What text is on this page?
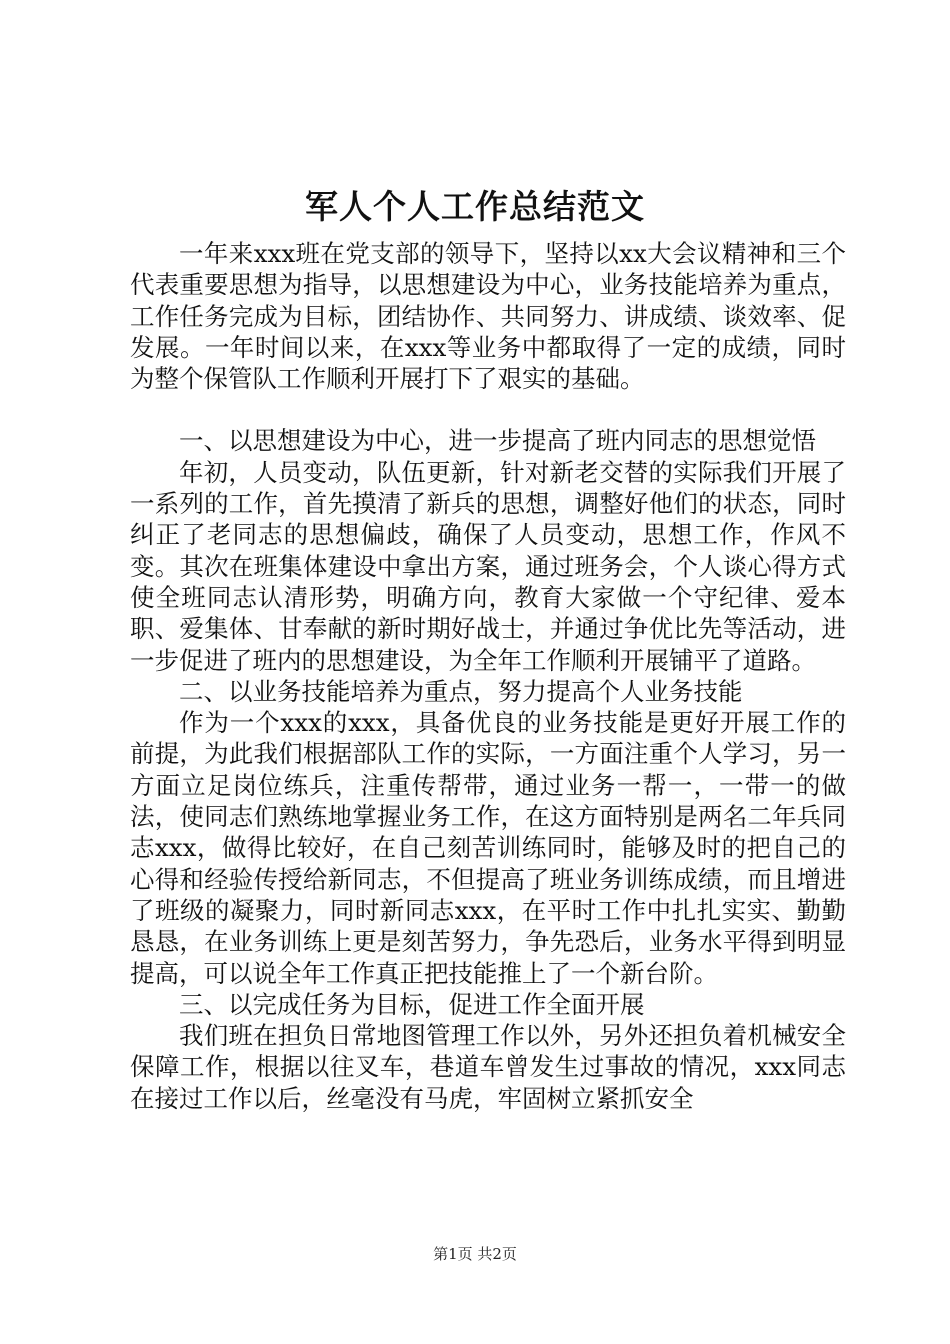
军人个人工作总结范文

一年来xxx班在党支部的领导下，坚持以xx大会议精神和三个代表重要思想为指导，以思想建设为中心，业务技能培养为重点，工作任务完成为目标，团结协作、共同努力、讲成绩、谈效率、促发展。一年时间以来，在xxx等业务中都取得了一定的成绩，同时为整个保管队工作顺利开展打下了艰实的基础。

一、以思想建设为中心，进一步提高了班内同志的思想觉悟

年初，人员变动，队伍更新，针对新老交替的实际我们开展了一系列的工作，首先摸清了新兵的思想，调整好他们的状态，同时纠正了老同志的思想偏歧，确保了人员变动，思想工作，作风不变。其次在班集体建设中拿出方案，通过班务会，个人谈心得方式使全班同志认清形势，明确方向，教育大家做一个守纪律、爱本职、爱集体、甘奉献的新时期好战士，并通过争优比先等活动，进一步促进了班内的思想建设，为全年工作顺利开展铺平了道路。

二、以业务技能培养为重点，努力提高个人业务技能

作为一个xxx的xxx，具备优良的业务技能是更好开展工作的前提，为此我们根据部队工作的实际，一方面注重个人学习，另一方面立足岗位练兵，注重传帮带，通过业务一帮一，一带一的做法，使同志们熟练地掌握业务工作，在这方面特别是两名二年兵同志xxx，做得比较好，在自己刻苦训练同时，能够及时的把自己的心得和经验传授给新同志，不但提高了班业务训练成绩，而且增进了班级的凝聚力，同时新同志xxx，在平时工作中扎扎实实、勤勤恳恳，在业务训练上更是刻苦努力，争先恐后，业务水平得到明显提高，可以说全年工作真正把技能推上了一个新台阶。

三、以完成任务为目标，促进工作全面开展

我们班在担负日常地图管理工作以外，另外还担负着机械安全保障工作，根据以往叉车，巷道车曾发生过事故的情况，xxx同志在接过工作以后，丝毫没有马虎，牢固树立紧抓安全

第1页 共2页
